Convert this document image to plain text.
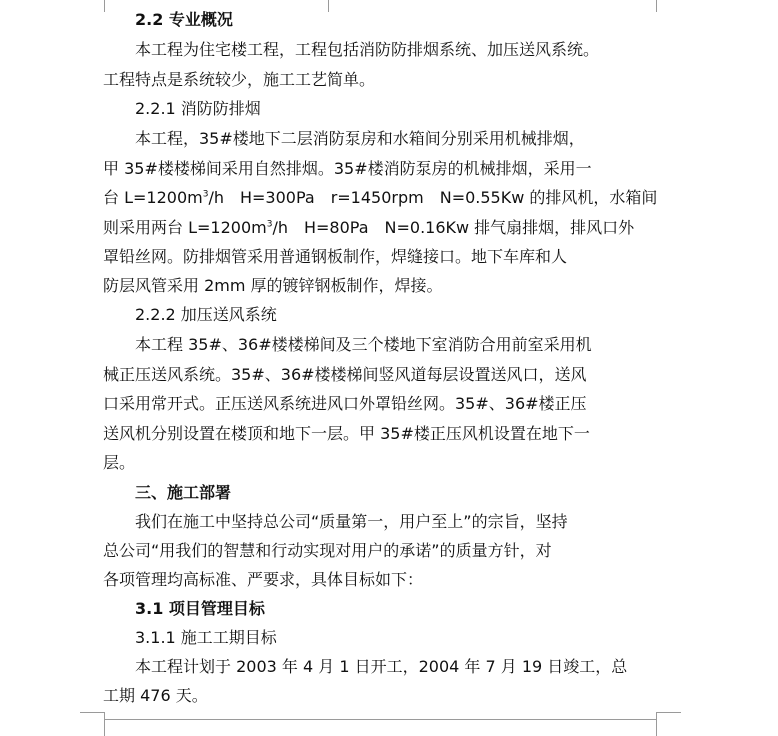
2.2 专业概况
本工程为住宅楼工程，工程包括消防防排烟系统、加压送风系统。
工程特点是系统较少，施工工艺简单。
2.2.1 消防防排烟
本工程，35#楼地下二层消防泵房和水箱间分别采用机械排烟，
甲 35#楼楼梯间采用自然排烟。35#楼消防泵房的机械排烟，采用一
台 $L=1200m^3/h$　H=300Pa　r=1450rpm　N=0.55Kw 的排风机，水箱间
则采用两台 $L=1200m^3/h$　H=80Pa　N=0.16Kw 排气扇排烟，排风口外
罩铅丝网。防排烟管采用普通钢板制作，焊缝接口。地下车库和人
防层风管采用 2mm 厚的镀锌钢板制作，焊接。
2.2.2 加压送风系统
本工程 35#、36#楼楼梯间及三个楼地下室消防合用前室采用机
械正压送风系统。35#、36#楼楼梯间竖风道每层设置送风口，送风
口采用常开式。正压送风系统进风口外罩铅丝网。35#、36#楼正压
送风机分别设置在楼顶和地下一层。甲 35#楼正压风机设置在地下一
层。
三、施工部署
我们在施工中坚持总公司“质量第一，用户至上”的宗旨，坚持
总公司“用我们的智慧和行动实现对用户的承诺”的质量方针，对
各项管理均高标准、严要求，具体目标如下：
3.1 项目管理目标
3.1.1 施工工期目标
本工程计划于 2003 年 4 月 1 日开工，2004 年 7 月 19 日竣工，总
工期 476 天。
